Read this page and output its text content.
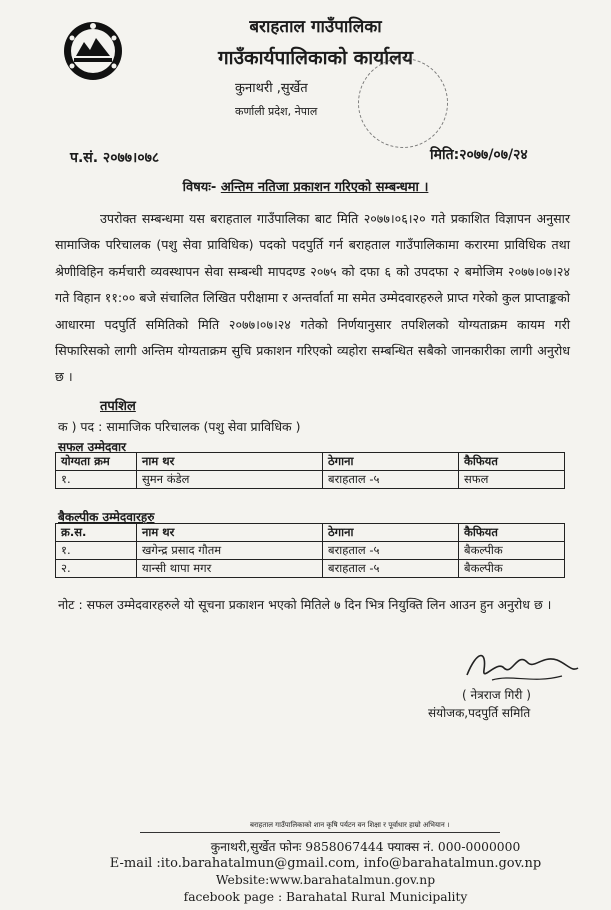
बराहताल गाउँपालिका
गाउँकार्यपालिकाको कार्यालय
कुनाथरी ,सुर्खेत
कर्णाली प्रदेश, नेपाल
प.सं. २०७७।०७८	मिति:२०७७/०७/२४
विषयः- अन्तिम नतिजा प्रकाशन गरिएको सम्बन्धमा ।

उपरोक्त सम्बन्धमा यस बराहताल गाउँपालिका बाट मिति २०७७।०६।२० गते प्रकाशित विज्ञापन अनुसार सामाजिक परिचालक (पशु सेवा प्राविधिक) पदको पदपुर्ति गर्न बराहताल गाउँपालिकामा करारमा प्राविधिक तथा श्रेणीविहिन कर्मचारी व्यवस्थापन सेवा सम्बन्धी मापदण्ड २०७५ को दफा ६ को उपदफा २ बमोजिम २०७७।०७।२४ गते विहान ११:०० बजे संचालित लिखित परीक्षामा र अन्तर्वार्ता मा समेत उम्मेदवारहरुले प्राप्त गरेको कुल प्राप्ताङ्कको आधारमा पदपुर्ति समितिको मिति २०७७।०७।२४ गतेको निर्णयानुसार तपशिलको योग्यताक्रम कायम गरी सिफारिसको लागी अन्तिम योग्यताक्रम सुचि प्रकाशन गरिएको व्यहोरा सम्बन्धित सबैको जानकारीका लागी अनुरोध छ ।

तपशिल
क ) पद : सामाजिक परिचालक (पशु सेवा प्राविधिक )
सफल उम्मेदवार
योग्यता क्रम	नाम थर	ठेगाना	कैफियत
१.	सुमन कंडेल	बराहताल -५	सफल
बैकल्पीक उम्मेदवारहरु
क्र.स.	नाम थर	ठेगाना	कैफियत
१.	खगेन्द्र प्रसाद गौतम	बराहताल -५	बैकल्पीक
२.	यान्सी थापा मगर	बराहताल -५	बैकल्पीक
नोट : सफल उम्मेदवारहरुले यो सूचना प्रकाशन भएको मितिले ७ दिन भित्र नियुक्ति लिन आउन हुन अनुरोध छ ।
( नेत्रराज गिरी )
संयोजक,पदपुर्ति समिति
बराहताल गाउँपालिकाको शान कृषि पर्यटन वन शिक्षा र पूर्वाधार हाम्रो अभियान ।
कुनाथरी,सुर्खेत फोनः 9858067444 फ्याक्स नं. 000-0000000
E-mail :ito.barahatalmun@gmail.com, info@barahatalmun.gov.np
Website:www.barahatalmun.gov.np
facebook page : Barahatal Rural Municipality
